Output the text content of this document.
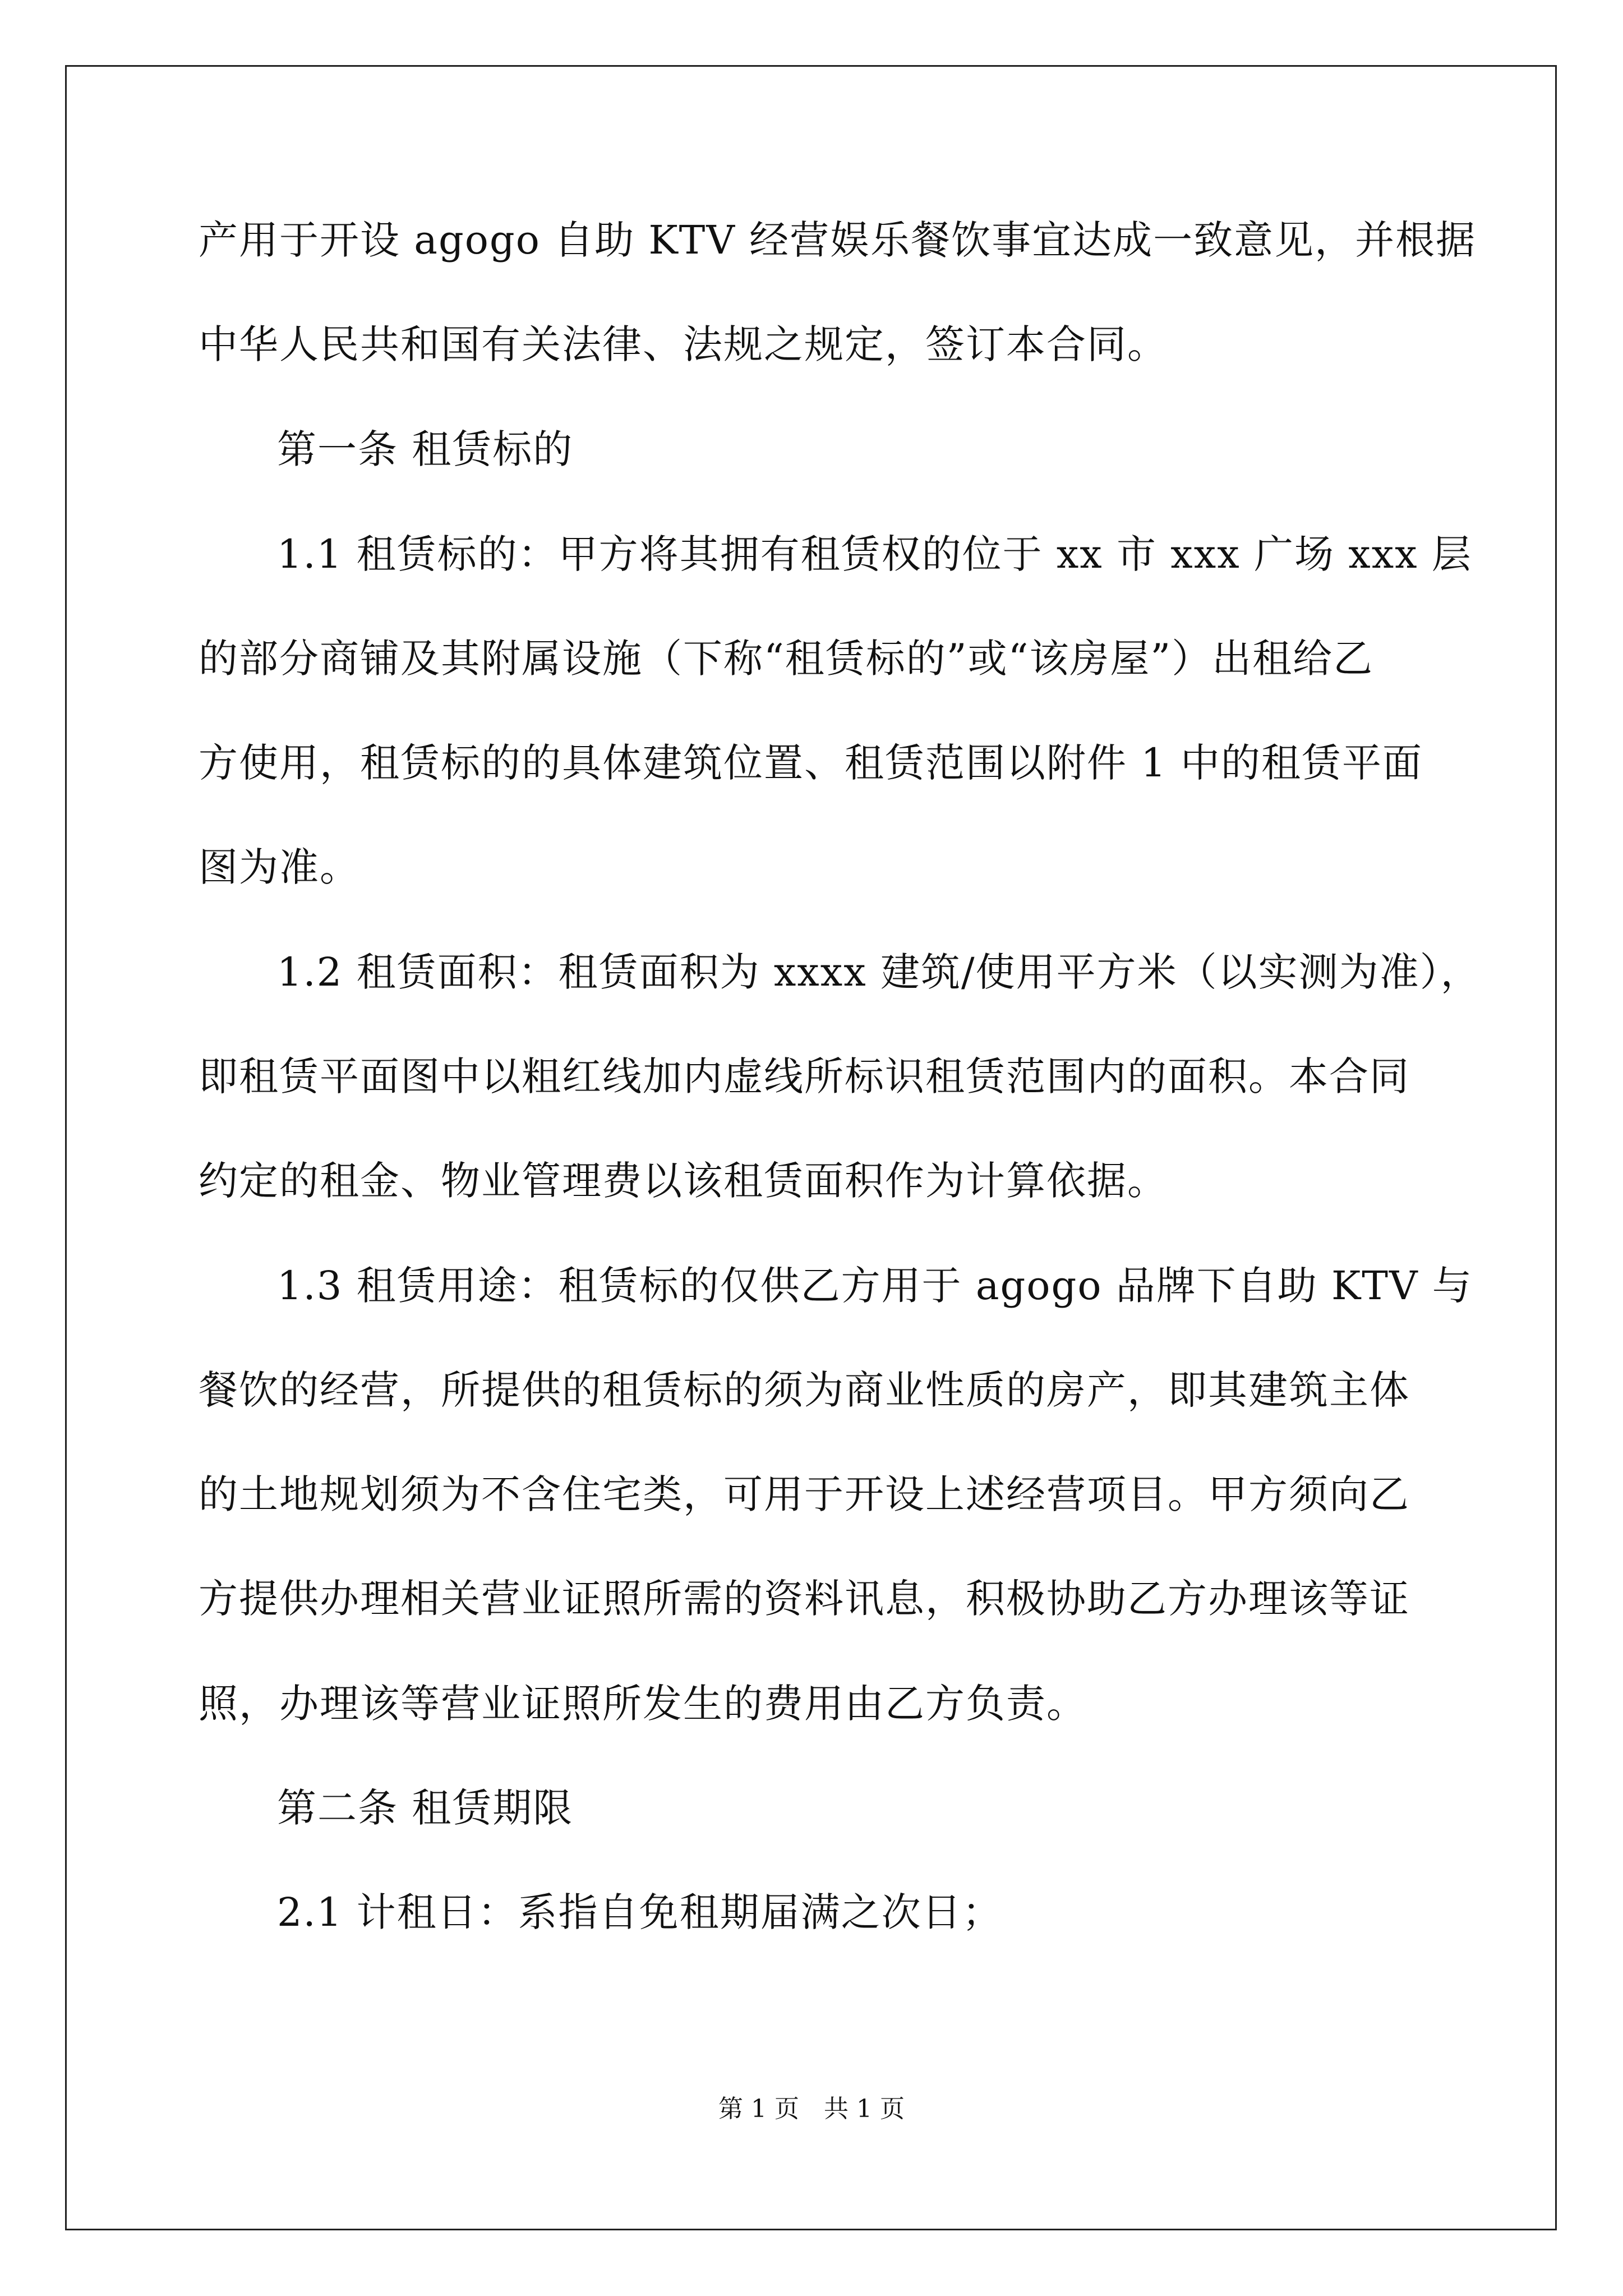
产用于开设 agogo 自助 KTV 经营娱乐餐饮事宜达成一致意见，并根据
中华人民共和国有关法律、法规之规定，签订本合同。
第一条 租赁标的
1.1 租赁标的：甲方将其拥有租赁权的位于 xx 市 xxx 广场 xxx 层
的部分商铺及其附属设施（下称“租赁标的”或“该房屋”）出租给乙
方使用，租赁标的的具体建筑位置、租赁范围以附件 1 中的租赁平面
图为准。
1.2 租赁面积：租赁面积为 xxxx 建筑/使用平方米（以实测为准），
即租赁平面图中以粗红线加内虚线所标识租赁范围内的面积。本合同
约定的租金、物业管理费以该租赁面积作为计算依据。
1.3 租赁用途：租赁标的仅供乙方用于 agogo 品牌下自助 KTV 与
餐饮的经营，所提供的租赁标的须为商业性质的房产，即其建筑主体
的土地规划须为不含住宅类，可用于开设上述经营项目。甲方须向乙
方提供办理相关营业证照所需的资料讯息，积极协助乙方办理该等证
照，办理该等营业证照所发生的费用由乙方负责。
第二条 租赁期限
2.1 计租日：系指自免租期届满之次日；
第 1 页　共 1 页
